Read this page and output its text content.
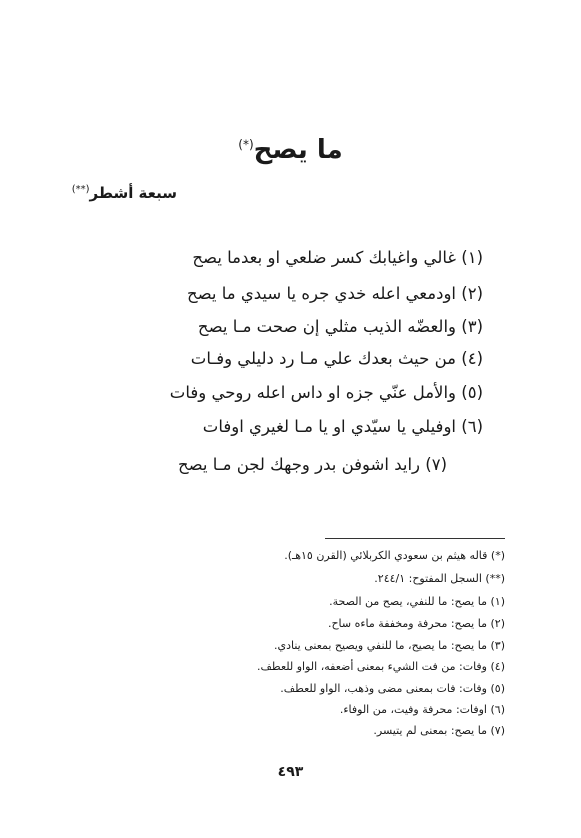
ما يصح(*)
سبعة أشطر(**)
(١) غالي واغيابك كسر ضلعي او بعدما يصح
(٢) اودمعي اعله خدي جره يا سيدي ما يصح
(٣) والعضّه الذيب مثلي إن صحت مـا يصح
(٤) من حيث بعدك علي مـا رد دليلي وفـات
(٥) والأمل عنّي جزه او داس اعله روحي وفات
(٦) اوفيلي يا سيّدي او يا مـا لغيري اوفات
(٧) رايد اشوفن بدر وجهك لجن مـا يصح
(*) قاله هيثم بن سعودي الكربلائي (القرن ١٥هـ).
(**) السجل المفتوح: ٢٤٤/١.
(١) ما يصح: ما للنفي، يصح من الصحة.
(٢) ما يصح: محرفة ومخففة ماءه ساح.
(٣) ما يصح: ما يصيح، ما للنفي ويصيح بمعنى ينادي.
(٤) وفات: من فت الشيء بمعنى أضعفه، الواو للعطف.
(٥) وفات: فات بمعنى مضى وذهب، الواو للعطف.
(٦) اوفات: محرفة وفيت، من الوفاء.
(٧) ما يصح: بمعنى لم يتيسر.
٤٩٣
